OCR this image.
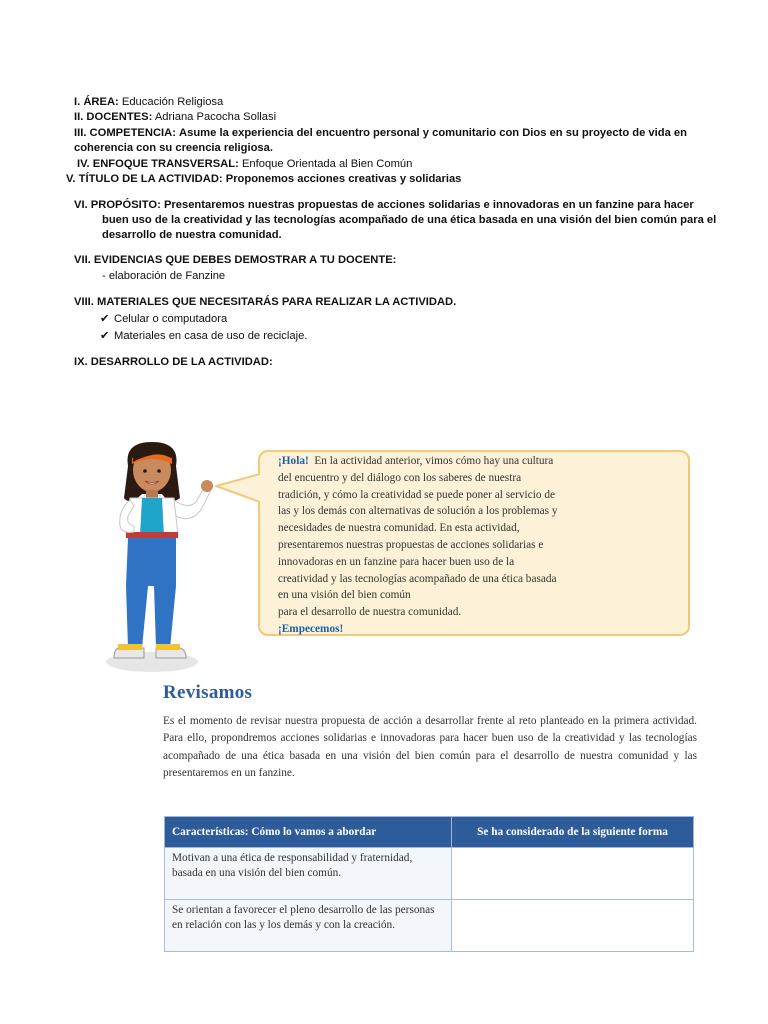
I. ÁREA: Educación Religiosa
II. DOCENTES: Adriana Pacocha Sollasi
III. COMPETENCIA: Asume la experiencia del encuentro personal y comunitario con Dios en su proyecto de vida en
coherencia con su creencia religiosa.
IV. ENFOQUE TRANSVERSAL: Enfoque Orientada al Bien Común
V. TÍTULO DE LA ACTIVIDAD: Proponemos acciones creativas y solidarias
VI. PROPÓSITO: Presentaremos nuestras propuestas de acciones solidarias e innovadoras en un fanzine para hacer
buen uso de la creatividad y las tecnologías acompañado de una ética basada en una visión del bien común para el
desarrollo de nuestra comunidad.
VII. EVIDENCIAS QUE DEBES DEMOSTRAR A TU DOCENTE:
- elaboración de Fanzine
VIII. MATERIALES QUE NECESITARÁS PARA REALIZAR LA ACTIVIDAD.
✔ Celular o computadora
✔ Materiales en casa de uso de reciclaje.
IX. DESARROLLO DE LA ACTIVIDAD:
¡Hola! En la actividad anterior, vimos cómo hay una cultura
del encuentro y del diálogo con los saberes de nuestra
tradición, y cómo la creatividad se puede poner al servicio de
las y los demás con alternativas de solución a los problemas y
necesidades de nuestra comunidad. En esta actividad,
presentaremos nuestras propuestas de acciones solidarias e
innovadoras en un fanzine para hacer buen uso de la
creatividad y las tecnologías acompañado de una ética basada
en una visión del bien común
para el desarrollo de nuestra comunidad.
¡Empecemos!
Revisamos
Es el momento de revisar nuestra propuesta de acción a desarrollar frente al reto planteado en la primera actividad. Para ello, propondremos acciones solidarias e innovadoras para hacer buen uso de la creatividad y las tecnologías acompañado de una ética basada en una visión del bien común para el desarrollo de nuestra comunidad y las presentaremos en un fanzine.
Características: Cómo lo vamos a abordar	Se ha considerado de la siguiente forma
Motivan a una ética de responsabilidad y fraternidad, basada en una visión del bien común.	
Se orientan a favorecer el pleno desarrollo de las personas en relación con las y los demás y con la creación.	
